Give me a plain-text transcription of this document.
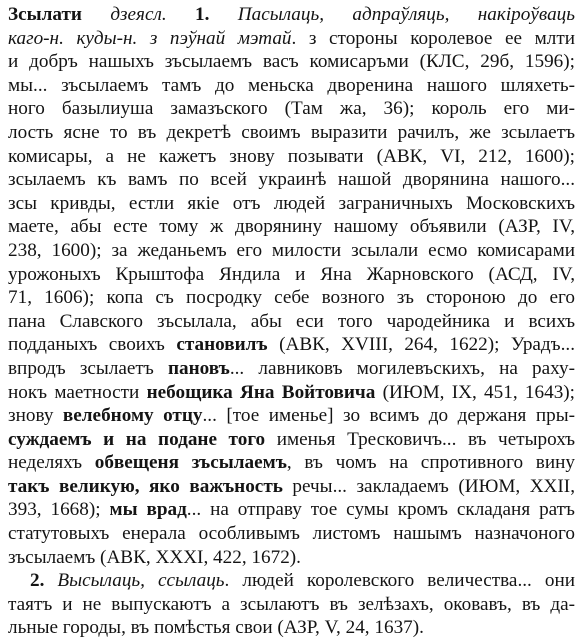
Зсылати дзеясл. 1. Пасылаць, адпраўляць, накіроўваць
каго-н. куды-н. з пэўнай мэтай. з стороны королевое ее млти
и добръ нашыхъ зъсылаемъ васъ комисаръми (КЛС, 29б, 1596);
мы... зъсылаемъ тамъ до меньска дворенина нашого шляхеть-
ного базылиуша замазъского (Там жа, 36); король его ми-
лость ясне то въ декретѣ своимъ выразити рачилъ, же зсылаетъ
комисары, а не кажетъ знову позывати (АВК, VI, 212, 1600);
зсылаемъ къ вамъ по всей украинѣ нашой дворянина нашого...
зсы кривды, естли якіе отъ людей заграничныхъ Московскихъ
маете, абы есте тому ж дворянину нашому объявили (АЗР, IV,
238, 1600); за жеданьемъ его милости зсылали есмо комисарами
урожоныхъ Крыштофа Яндила и Яна Жарновского (АСД, IV,
71, 1606); копа съ посродку себе возного зъ стороною до его
пана Славского зъсылала, абы еси того чародейника и всихъ
подданыхъ своихъ становилъ (АВК, XVIII, 264, 1622); Урадъ...
впродъ зсылаетъ пановъ... лавниковъ могилевъскихъ, на раху-
нокъ маетности небощика Яна Войтовича (ИЮМ, IX, 451, 1643);
знову велебному отцу... [тое именье] зо всимъ до держаня пры-
суждаемъ и на подане того именья Тресковичъ... въ четырохъ
неделяхъ обвещеня зъсылаемъ, въ чомъ на спротивного вину
такъ великую, яко важъность речы... закладаемъ (ИЮМ, XXII,
393, 1668); мы врад... на отправу тое сумы кромъ складаня ратъ
статутовыхъ енерала особливымъ листомъ нашымъ назначоного
зъсылаемъ (АВК, XXXI, 422, 1672).
2. Высылаць, ссылаць. людей королевского величества... они
таятъ и не выпускаютъ а зсылаютъ въ зелѣзахъ, оковавъ, въ да-
льные городы, въ помѣстья свои (АЗР, V, 24, 1637).
